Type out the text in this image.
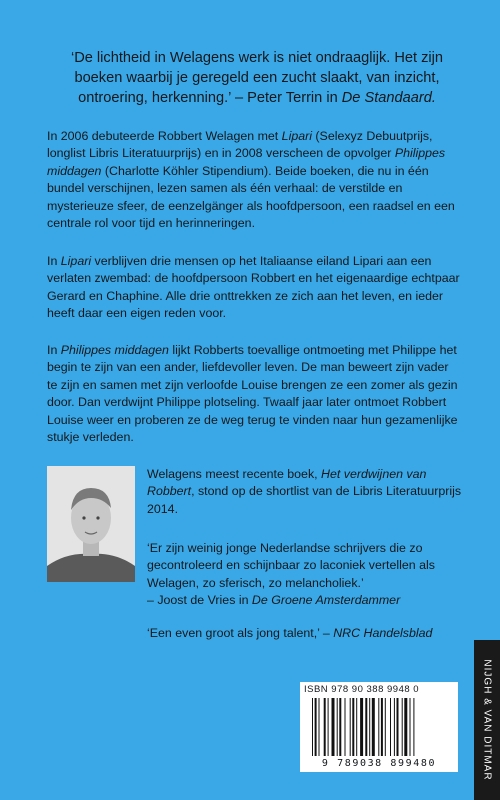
‘De lichtheid in Welagens werk is niet ondraaglijk. Het zijn boeken waarbij je geregeld een zucht slaakt, van inzicht, ontroering, herkenning.’ – Peter Terrin in De Standaard.
In 2006 debuteerde Robbert Welagen met Lipari (Selexyz Debuutprijs, longlist Libris Literatuurprijs) en in 2008 verscheen de opvolger Philippes middagen (Charlotte Köhler Stipendium). Beide boeken, die nu in één bundel verschijnen, lezen samen als één verhaal: de verstilde en mysterieuze sfeer, de eenzelgänger als hoofdpersoon, een raadsel en een centrale rol voor tijd en herinneringen.
In Lipari verblijven drie mensen op het Italiaanse eiland Lipari aan een verlaten zwembad: de hoofdpersoon Robbert en het eigenaardige echtpaar Gerard en Chaphine. Alle drie onttrekken ze zich aan het leven, en ieder heeft daar een eigen reden voor.
In Philippes middagen lijkt Robberts toevallige ontmoeting met Philippe het begin te zijn van een ander, liefdevoller leven. De man beweert zijn vader te zijn en samen met zijn verloofde Louise brengen ze een zomer als gezin door. Dan verdwijnt Philippe plotseling. Twaalf jaar later ontmoet Robbert Louise weer en proberen ze de weg terug te vinden naar hun gezamenlijke stukje verleden.
Welagens meest recente boek, Het verdwijnen van Robbert, stond op de shortlist van de Libris Literatuurprijs 2014.
‘Er zijn weinig jonge Nederlandse schrijvers die zo gecontroleerd en schijnbaar zo laconiek vertellen als Welagen, zo sferisch, zo melancholiek.’
– Joost de Vries in De Groene Amsterdammer
‘Een even groot als jong talent,’ – NRC Handelsblad
NIJGH & VAN DITMAR
ISBN 978 90 388 9948 0
9 789038 899480
